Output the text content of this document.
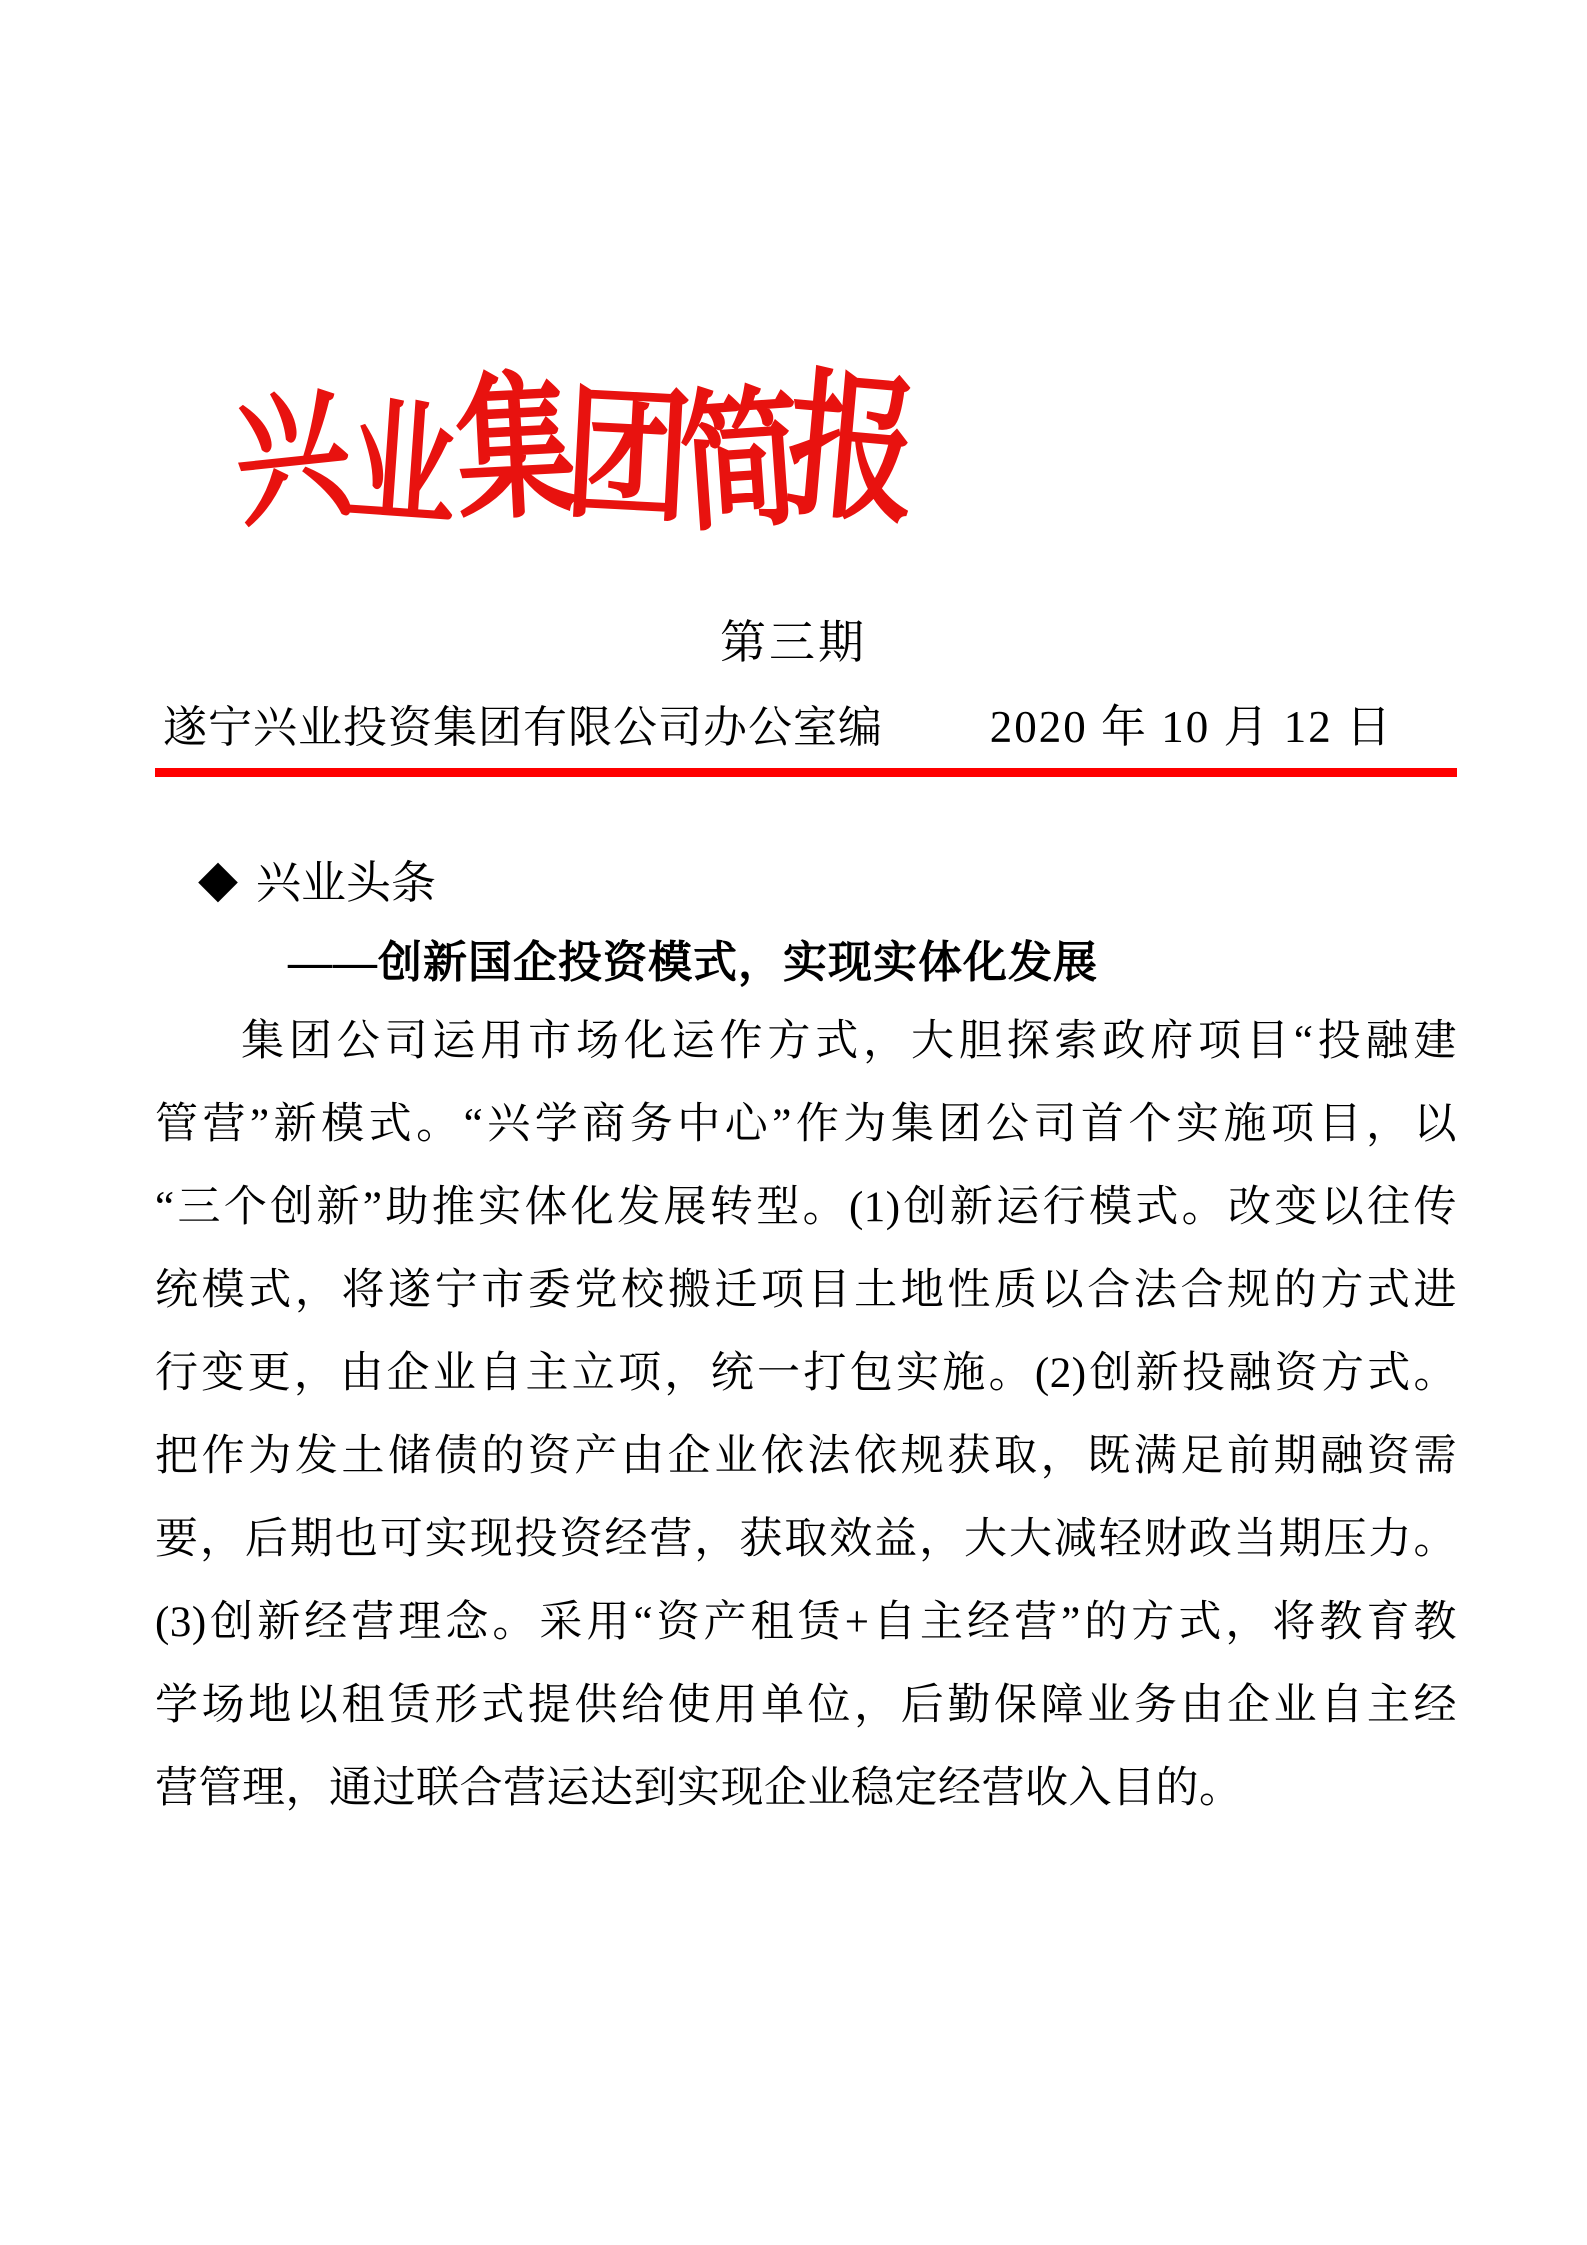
兴业集团简报
第三期
遂宁兴业投资集团有限公司办公室编 2020 年 10 月 12 日
◆ 兴业头条
——创新国企投资模式，实现实体化发展
集团公司运用市场化运作方式，大胆探索政府项目“投融建
管营”新模式。“兴学商务中心”作为集团公司首个实施项目，以
“三个创新”助推实体化发展转型。(1)创新运行模式。改变以往传
统模式，将遂宁市委党校搬迁项目土地性质以合法合规的方式进
行变更，由企业自主立项，统一打包实施。(2)创新投融资方式。
把作为发土储债的资产由企业依法依规获取，既满足前期融资需
要，后期也可实现投资经营，获取效益，大大减轻财政当期压力。
(3)创新经营理念。采用“资产租赁+自主经营”的方式，将教育教
学场地以租赁形式提供给使用单位，后勤保障业务由企业自主经
营管理，通过联合营运达到实现企业稳定经营收入目的。
